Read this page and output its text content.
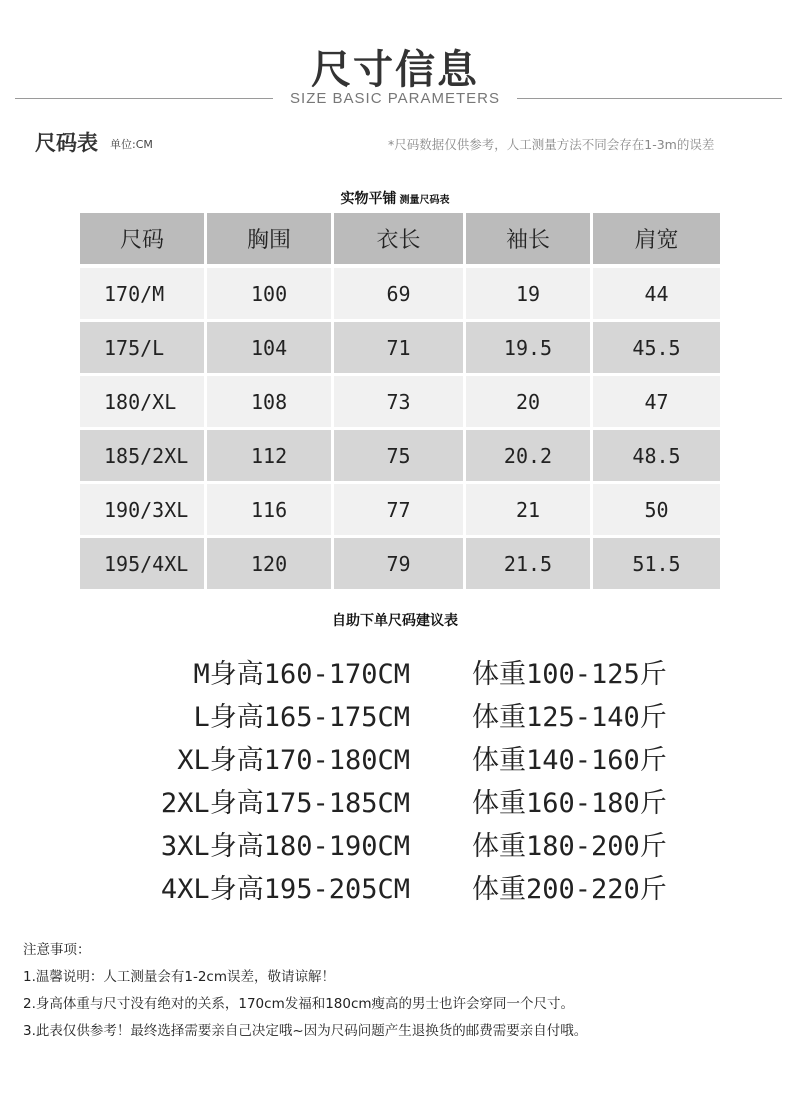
尺寸信息
SIZE BASIC PARAMETERS
尺码表 单位:CM	*尺码数据仅供参考，人工测量方法不同会存在1-3m的误差
实物平铺 测量尺码表
尺码	胸围	衣长	袖长	肩宽
170/M	100	69	19	44
175/L	104	71	19.5	45.5
180/XL	108	73	20	47
185/2XL	112	75	20.2	48.5
190/3XL	116	77	21	50
195/4XL	120	79	21.5	51.5
自助下单尺码建议表
M身高160-170CM 体重100-125斤
L身高165-175CM 体重125-140斤
XL身高170-180CM 体重140-160斤
2XL身高175-185CM 体重160-180斤
3XL身高180-190CM 体重180-200斤
4XL身高195-205CM 体重200-220斤
注意事项：
1.温馨说明：人工测量会有1-2cm误差，敬请谅解！
2.身高体重与尺寸没有绝对的关系，170cm发福和180cm瘦高的男士也许会穿同一个尺寸。
3.此表仅供参考！最终选择需要亲自己决定哦~因为尺码问题产生退换货的邮费需要亲自付哦。
